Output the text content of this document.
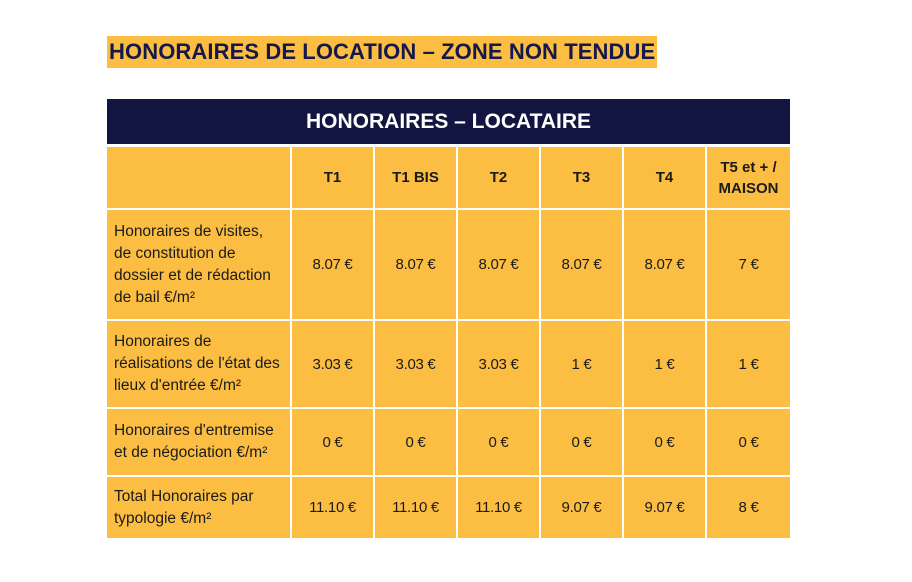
HONORAIRES DE LOCATION – ZONE NON TENDUE
HONORAIRES – LOCATAIRE						
	T1	T1 BIS	T2	T3	T4	T5 et + / MAISON
Honoraires de visites, de constitution de dossier et de rédaction de bail €/m²	8.07 €	8.07 €	8.07 €	8.07 €	8.07 €	7 €
Honoraires de réalisations de l'état des lieux d'entrée €/m²	3.03 €	3.03 €	3.03 €	1 €	1 €	1 €
Honoraires d'entremise et de négociation €/m²	0 €	0 €	0 €	0 €	0 €	0 €
Total Honoraires par typologie €/m²	11.10 €	11.10 €	11.10 €	9.07 €	9.07 €	8 €
